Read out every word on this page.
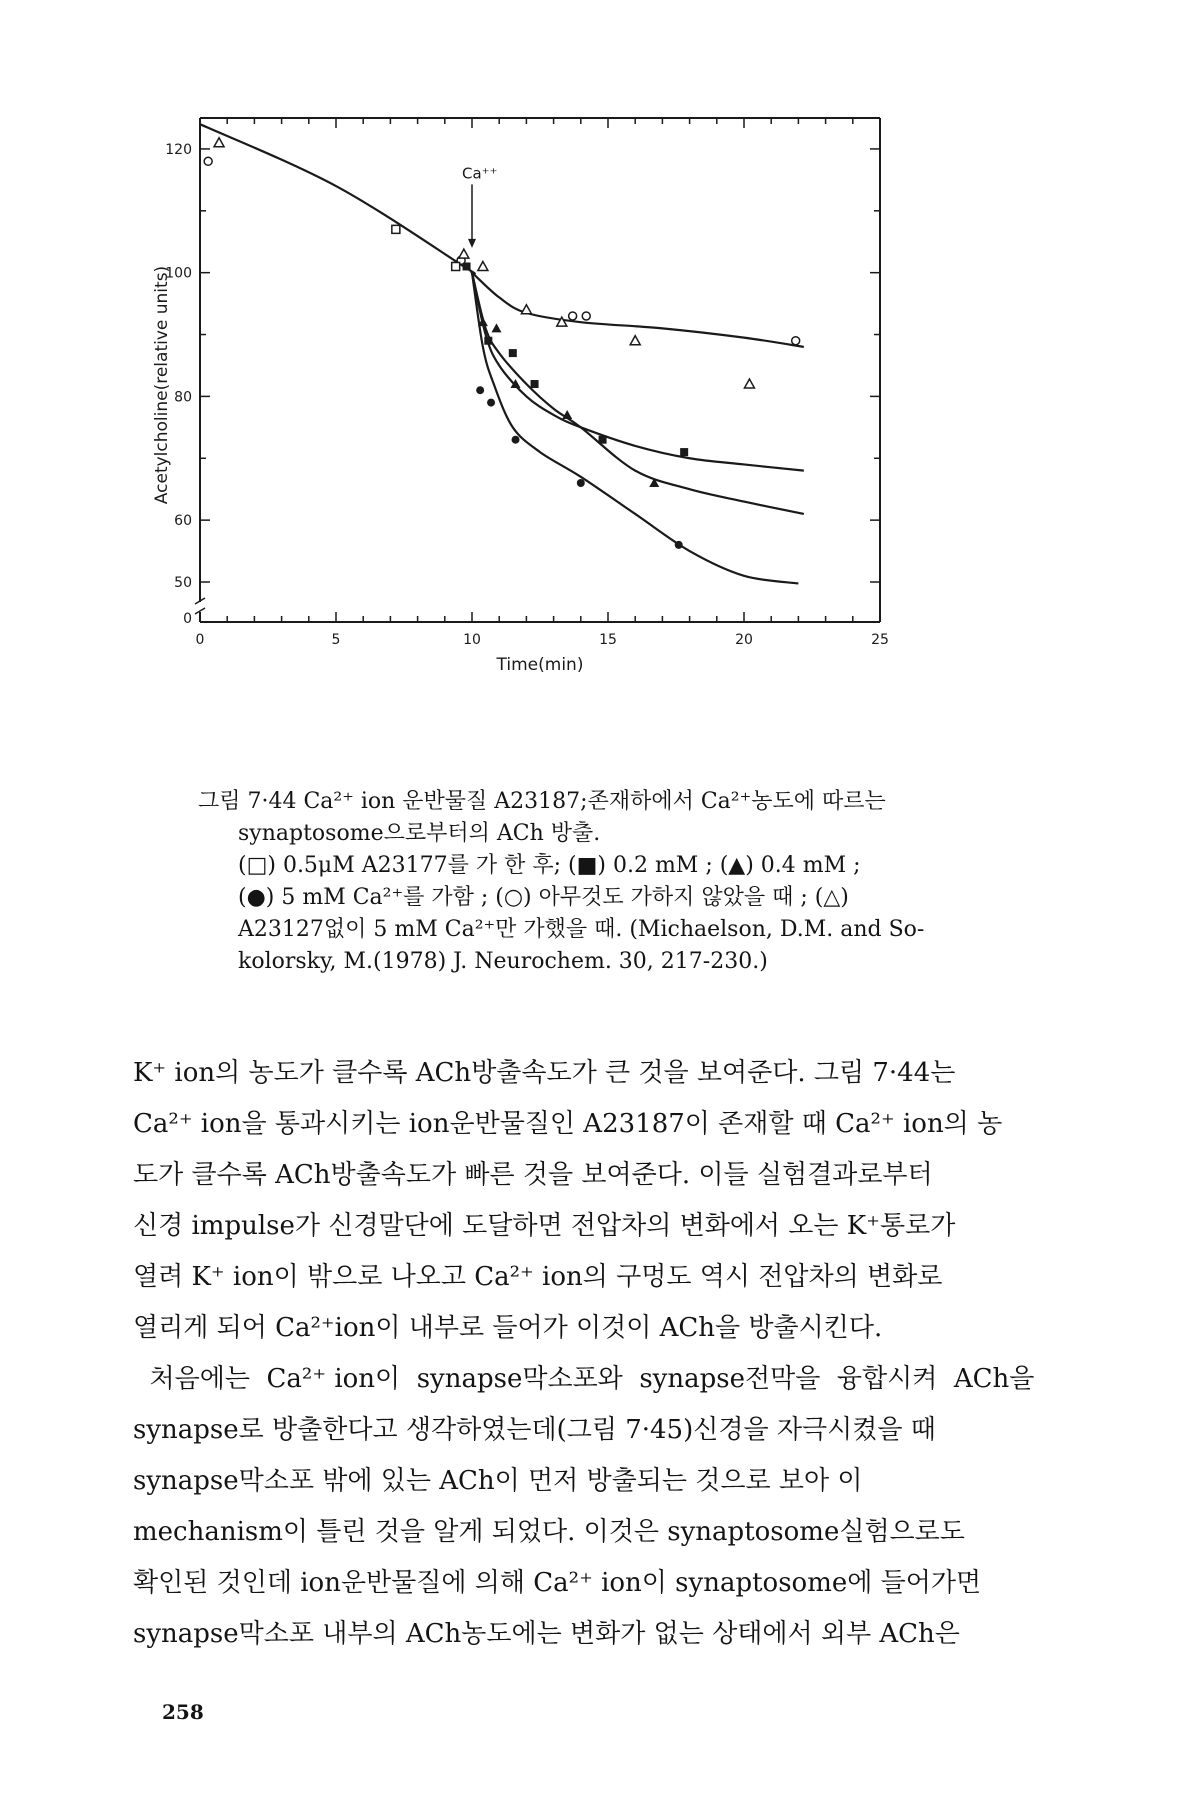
0	5	10	15	20	25
0
50
60
80
100
120
Time(min)
Acetylcholine(relative units)
Ca⁺⁺
그림 7·44 Ca²⁺ ion 운반물질 A23187;존재하에서 Ca²⁺농도에 따르는
synaptosome으로부터의 ACh 방출.
(□) 0.5μM A23177를 가 한 후; (■) 0.2 mM ; (▲) 0.4 mM ;
(●) 5 mM Ca²⁺를 가함 ; (○) 아무것도 가하지 않았을 때 ; (△)
A23127없이 5 mM Ca²⁺만 가했을 때. (Michaelson, D.M. and So-
kolorsky, M.(1978) J. Neurochem. 30, 217-230.)
K⁺ ion의 농도가 클수록 ACh방출속도가 큰 것을 보여준다. 그림 7·44는
Ca²⁺ ion을 통과시키는 ion운반물질인 A23187이 존재할 때 Ca²⁺ ion의 농
도가 클수록 ACh방출속도가 빠른 것을 보여준다. 이들 실험결과로부터
신경 impulse가 신경말단에 도달하면 전압차의 변화에서 오는 K⁺통로가
열려 K⁺ ion이 밖으로 나오고 Ca²⁺ ion의 구멍도 역시 전압차의 변화로
열리게 되어 Ca²⁺ion이 내부로 들어가 이것이 ACh을 방출시킨다.
처음에는  Ca²⁺ ion이  synapse막소포와  synapse전막을  융합시켜  ACh을
synapse로 방출한다고 생각하였는데(그림 7·45)신경을 자극시켰을 때
synapse막소포 밖에 있는 ACh이 먼저 방출되는 것으로 보아 이
mechanism이 틀린 것을 알게 되었다. 이것은 synaptosome실험으로도
확인된 것인데 ion운반물질에 의해 Ca²⁺ ion이 synaptosome에 들어가면
synapse막소포 내부의 ACh농도에는 변화가 없는 상태에서 외부 ACh은
258
